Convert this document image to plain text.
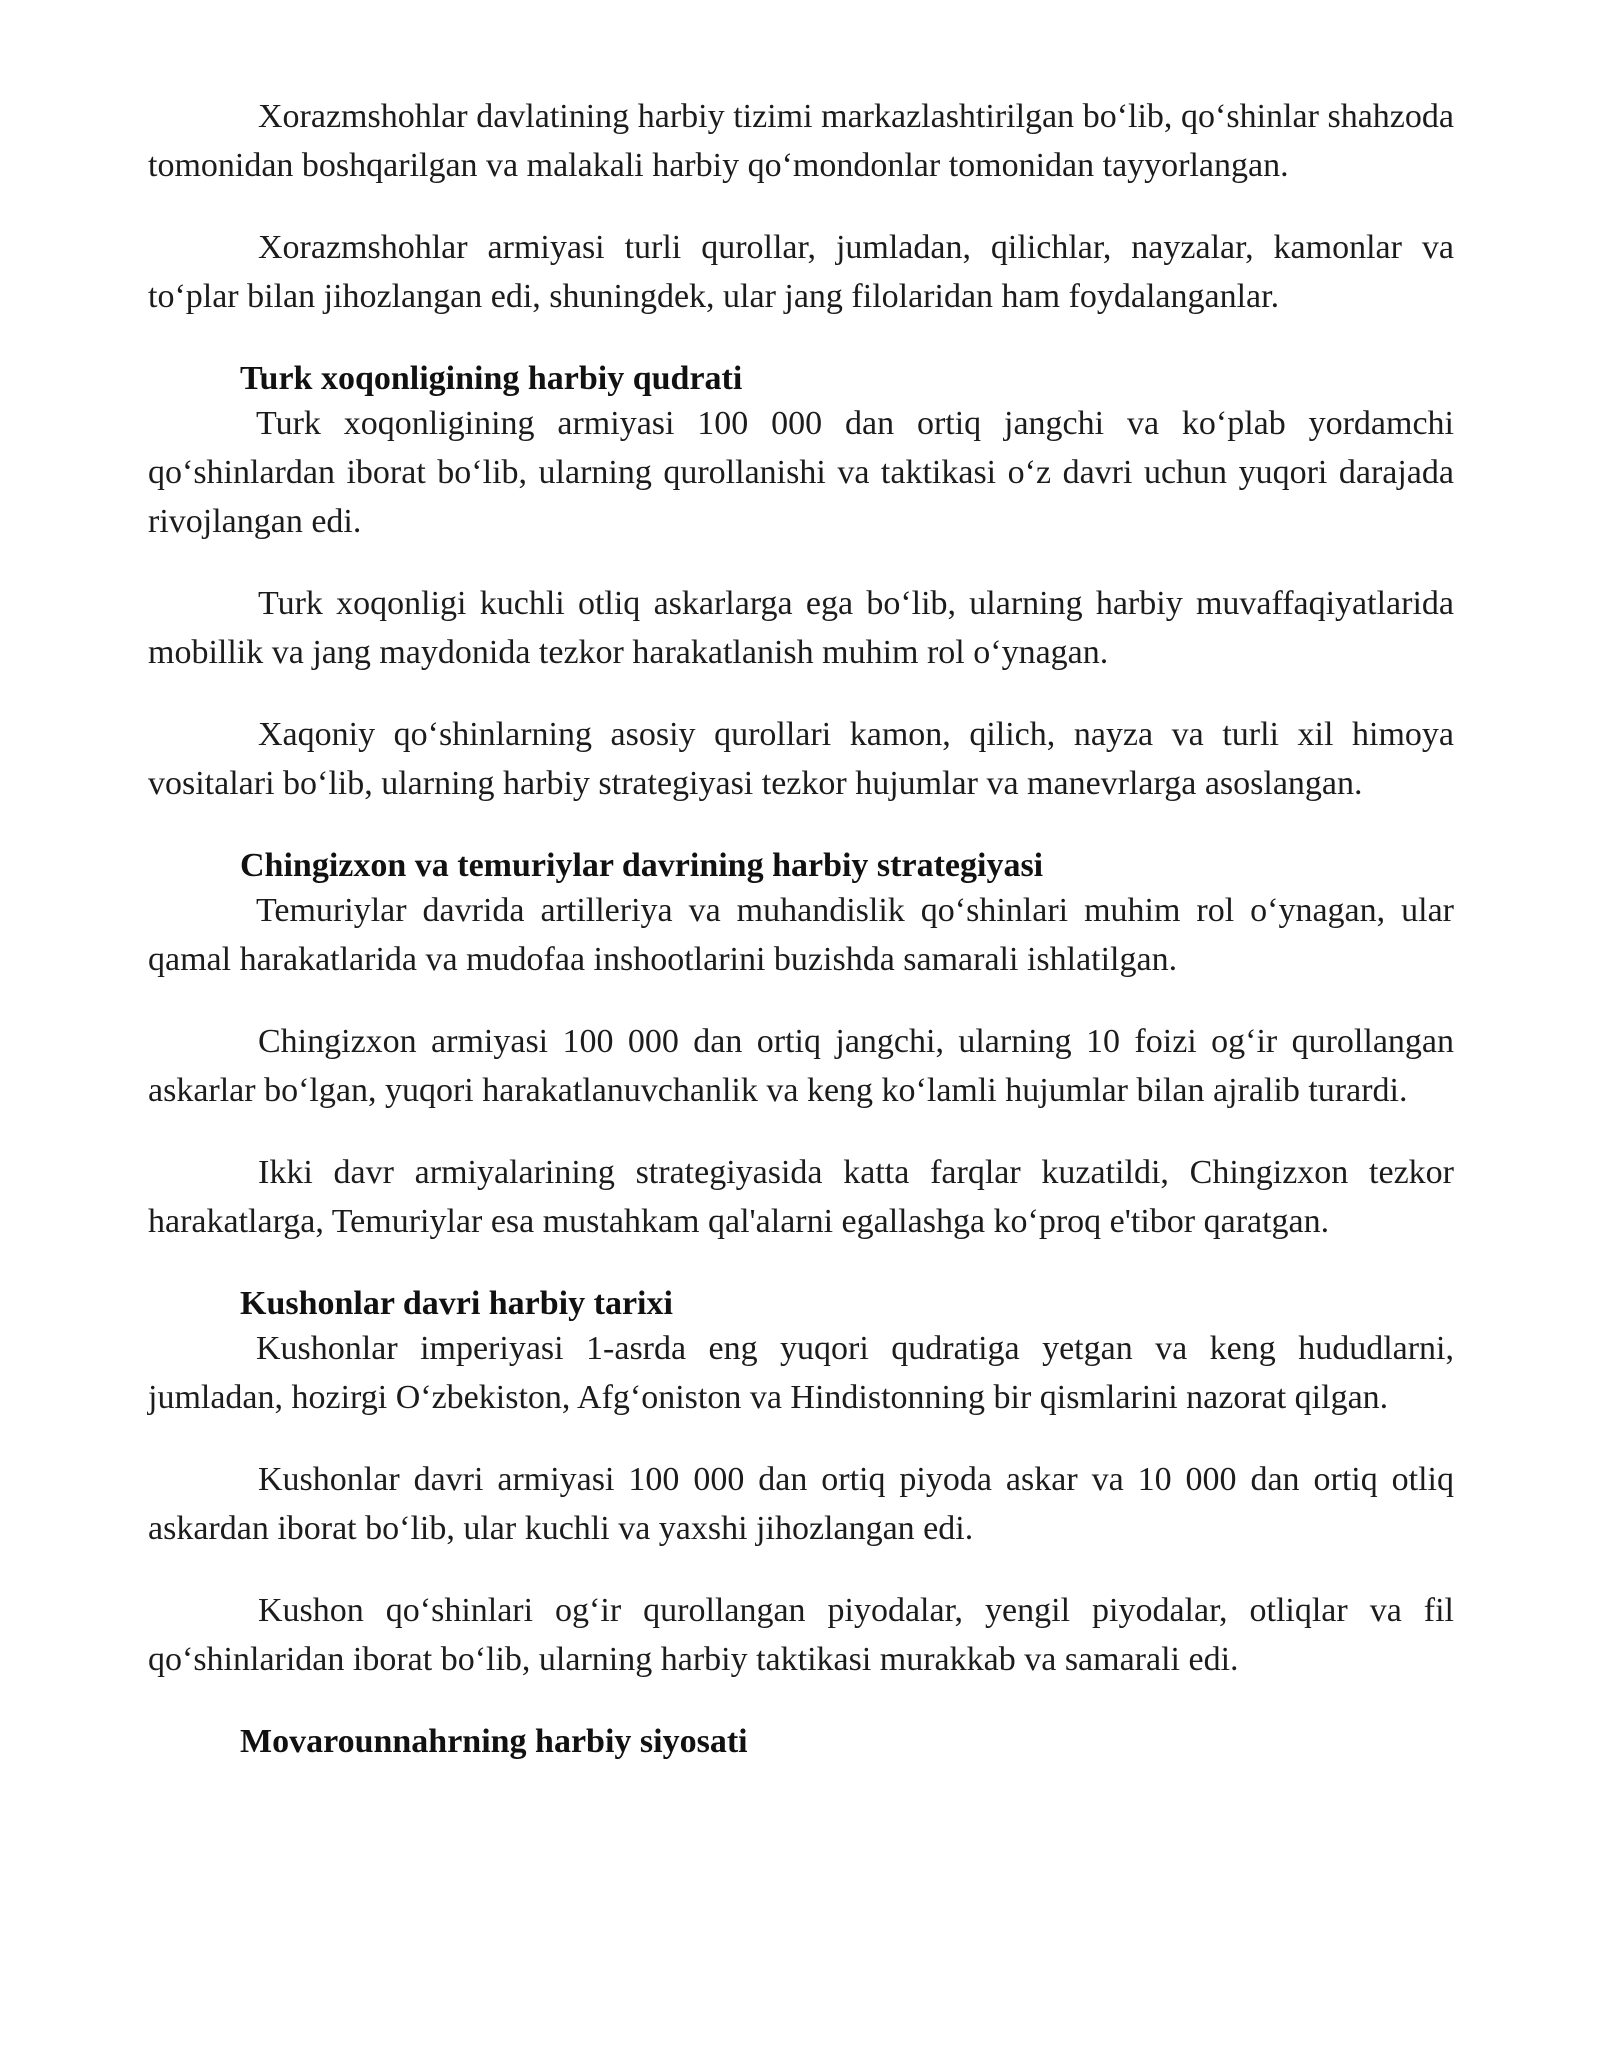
Xorazmshohlar davlatining harbiy tizimi markazlashtirilgan bo‘lib, qo‘shinlar shahzoda tomonidan boshqarilgan va malakali harbiy qo‘mondonlar tomonidan tayyorlangan.

Xorazmshohlar armiyasi turli qurollar, jumladan, qilichlar, nayzalar, kamonlar va to‘plar bilan jihozlangan edi, shuningdek, ular jang filolaridan ham foydalanganlar.

Turk xoqonligining harbiy qudrati

Turk xoqonligining armiyasi 100 000 dan ortiq jangchi va ko‘plab yordamchi qo‘shinlardan iborat bo‘lib, ularning qurollanishi va taktikasi o‘z davri uchun yuqori darajada rivojlangan edi.

Turk xoqonligi kuchli otliq askarlarga ega bo‘lib, ularning harbiy muvaffaqiyatlarida mobillik va jang maydonida tezkor harakatlanish muhim rol o‘ynagan.

Xaqoniy qo‘shinlarning asosiy qurollari kamon, qilich, nayza va turli xil himoya vositalari bo‘lib, ularning harbiy strategiyasi tezkor hujumlar va manevrlarga asoslangan.

Chingizxon va temuriylar davrining harbiy strategiyasi

Temuriylar davrida artilleriya va muhandislik qo‘shinlari muhim rol o‘ynagan, ular qamal harakatlarida va mudofaa inshootlarini buzishda samarali ishlatilgan.

Chingizxon armiyasi 100 000 dan ortiq jangchi, ularning 10 foizi og‘ir qurollangan askarlar bo‘lgan, yuqori harakatlanuvchanlik va keng ko‘lamli hujumlar bilan ajralib turardi.

Ikki davr armiyalarining strategiyasida katta farqlar kuzatildi, Chingizxon tezkor harakatlarga, Temuriylar esa mustahkam qal'alarni egallashga ko‘proq e'tibor qaratgan.

Kushonlar davri harbiy tarixi

Kushonlar imperiyasi 1-asrda eng yuqori qudratiga yetgan va keng hududlarni, jumladan, hozirgi O‘zbekiston, Afg‘oniston va Hindistonning bir qismlarini nazorat qilgan.

Kushonlar davri armiyasi 100 000 dan ortiq piyoda askar va 10 000 dan ortiq otliq askardan iborat bo‘lib, ular kuchli va yaxshi jihozlangan edi.

Kushon qo‘shinlari og‘ir qurollangan piyodalar, yengil piyodalar, otliqlar va fil qo‘shinlaridan iborat bo‘lib, ularning harbiy taktikasi murakkab va samarali edi.

Movarounnahrning harbiy siyosati
